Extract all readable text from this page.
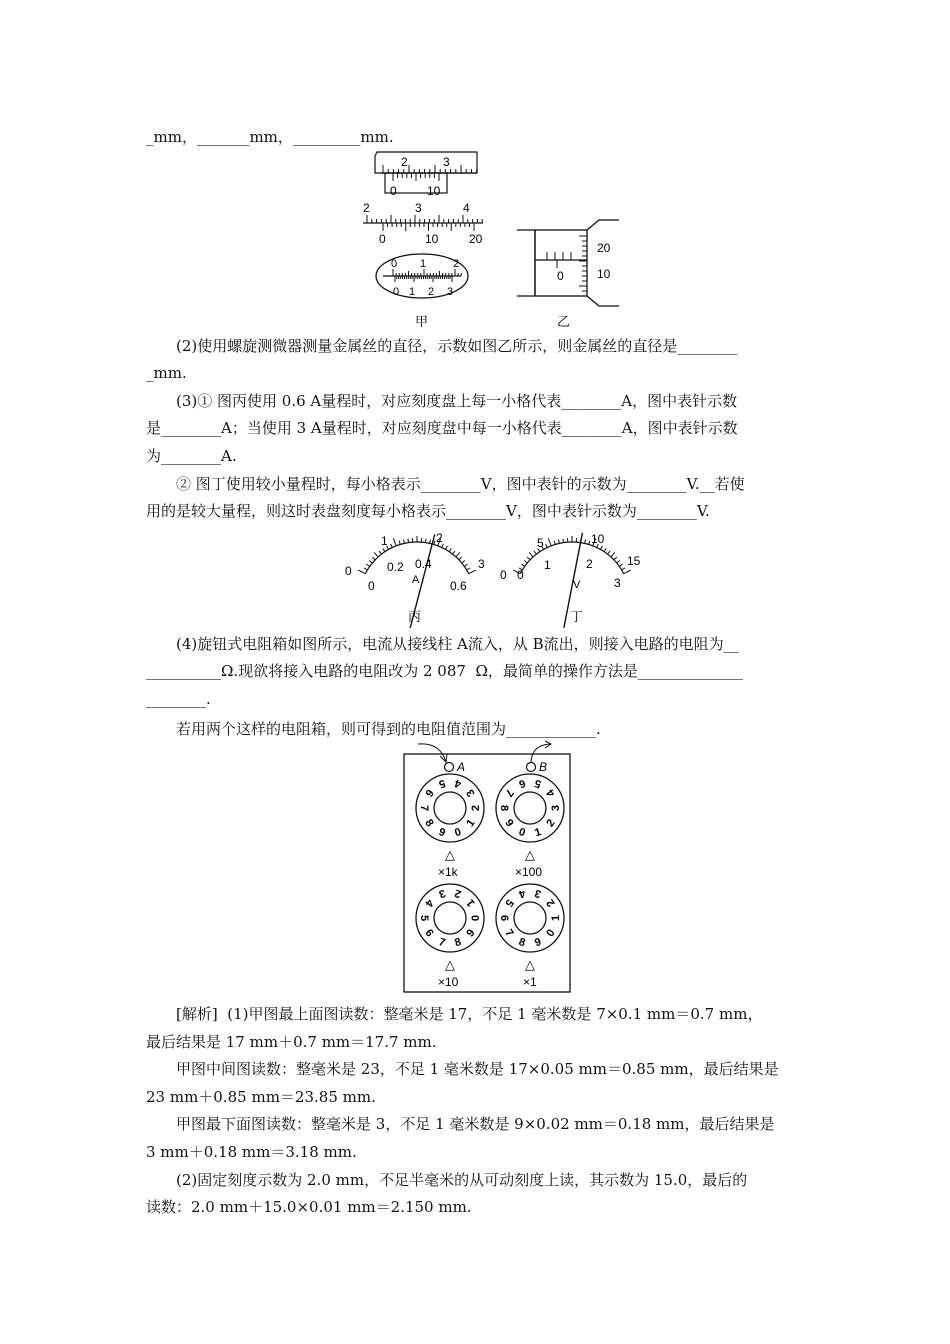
_mm，_______mm，_________mm.
(2)使用螺旋测微器测量金属丝的直径，示数如图乙所示，则金属丝的直径是________
_mm.
(3)① 图丙使用 0.6 A量程时，对应刻度盘上每一小格代表________A，图中表针示数
是________A；当使用 3 A量程时，对应刻度盘中每一小格代表________A，图中表针示数
为________A.
② 图丁使用较小量程时，每小格表示________V，图中表针的示数为________V.__若使
用的是较大量程，则这时表盘刻度每小格表示________V，图中表针示数为________V.
(4)旋钮式电阻箱如图所示，电流从接线柱 A流入，从 B流出，则接入电路的电阻为__
__________Ω.现欲将接入电路的电阻改为 2 087  Ω，最简单的操作方法是______________
________.
若用两个这样的电阻箱，则可得到的电阻值范围为____________.
[解析]  (1)甲图最上面图读数：整毫米是 17，不足 1 毫米数是 7×0.1 mm＝0.7 mm，
最后结果是 17 mm＋0.7 mm＝17.7 mm.
甲图中间图读数：整毫米是 23，不足 1 毫米数是 17×0.05 mm＝0.85 mm，最后结果是
23 mm＋0.85 mm＝23.85 mm.
甲图最下面图读数：整毫米是 3，不足 1 毫米数是 9×0.02 mm＝0.18 mm，最后结果是
3 mm＋0.18 mm＝3.18 mm.
(2)固定刻度示数为 2.0 mm，不足半毫米的从可动刻度上读，其示数为 15.0，最后的
读数：2.0 mm＋15.0×0.01 mm＝2.150 mm.
2	3
0	10
2	3	4
0	10	20
0 1 2
0 1 2 3
20
10
0
甲	乙
0
1	2
3
0
0.2 0.4
0.6
A
丙
0
5	10
15
0
1	2
3
V
丁
A	B
0
1
2
3
4
5
6
7
8
9	0 1
2
3
4
5
6
7
8
9
0
1
2
3
4
5
6
7 8
9	0
1
2
3
4
5
6
7
8 9
△	△
△	△
×1k	×100
×10	×1
